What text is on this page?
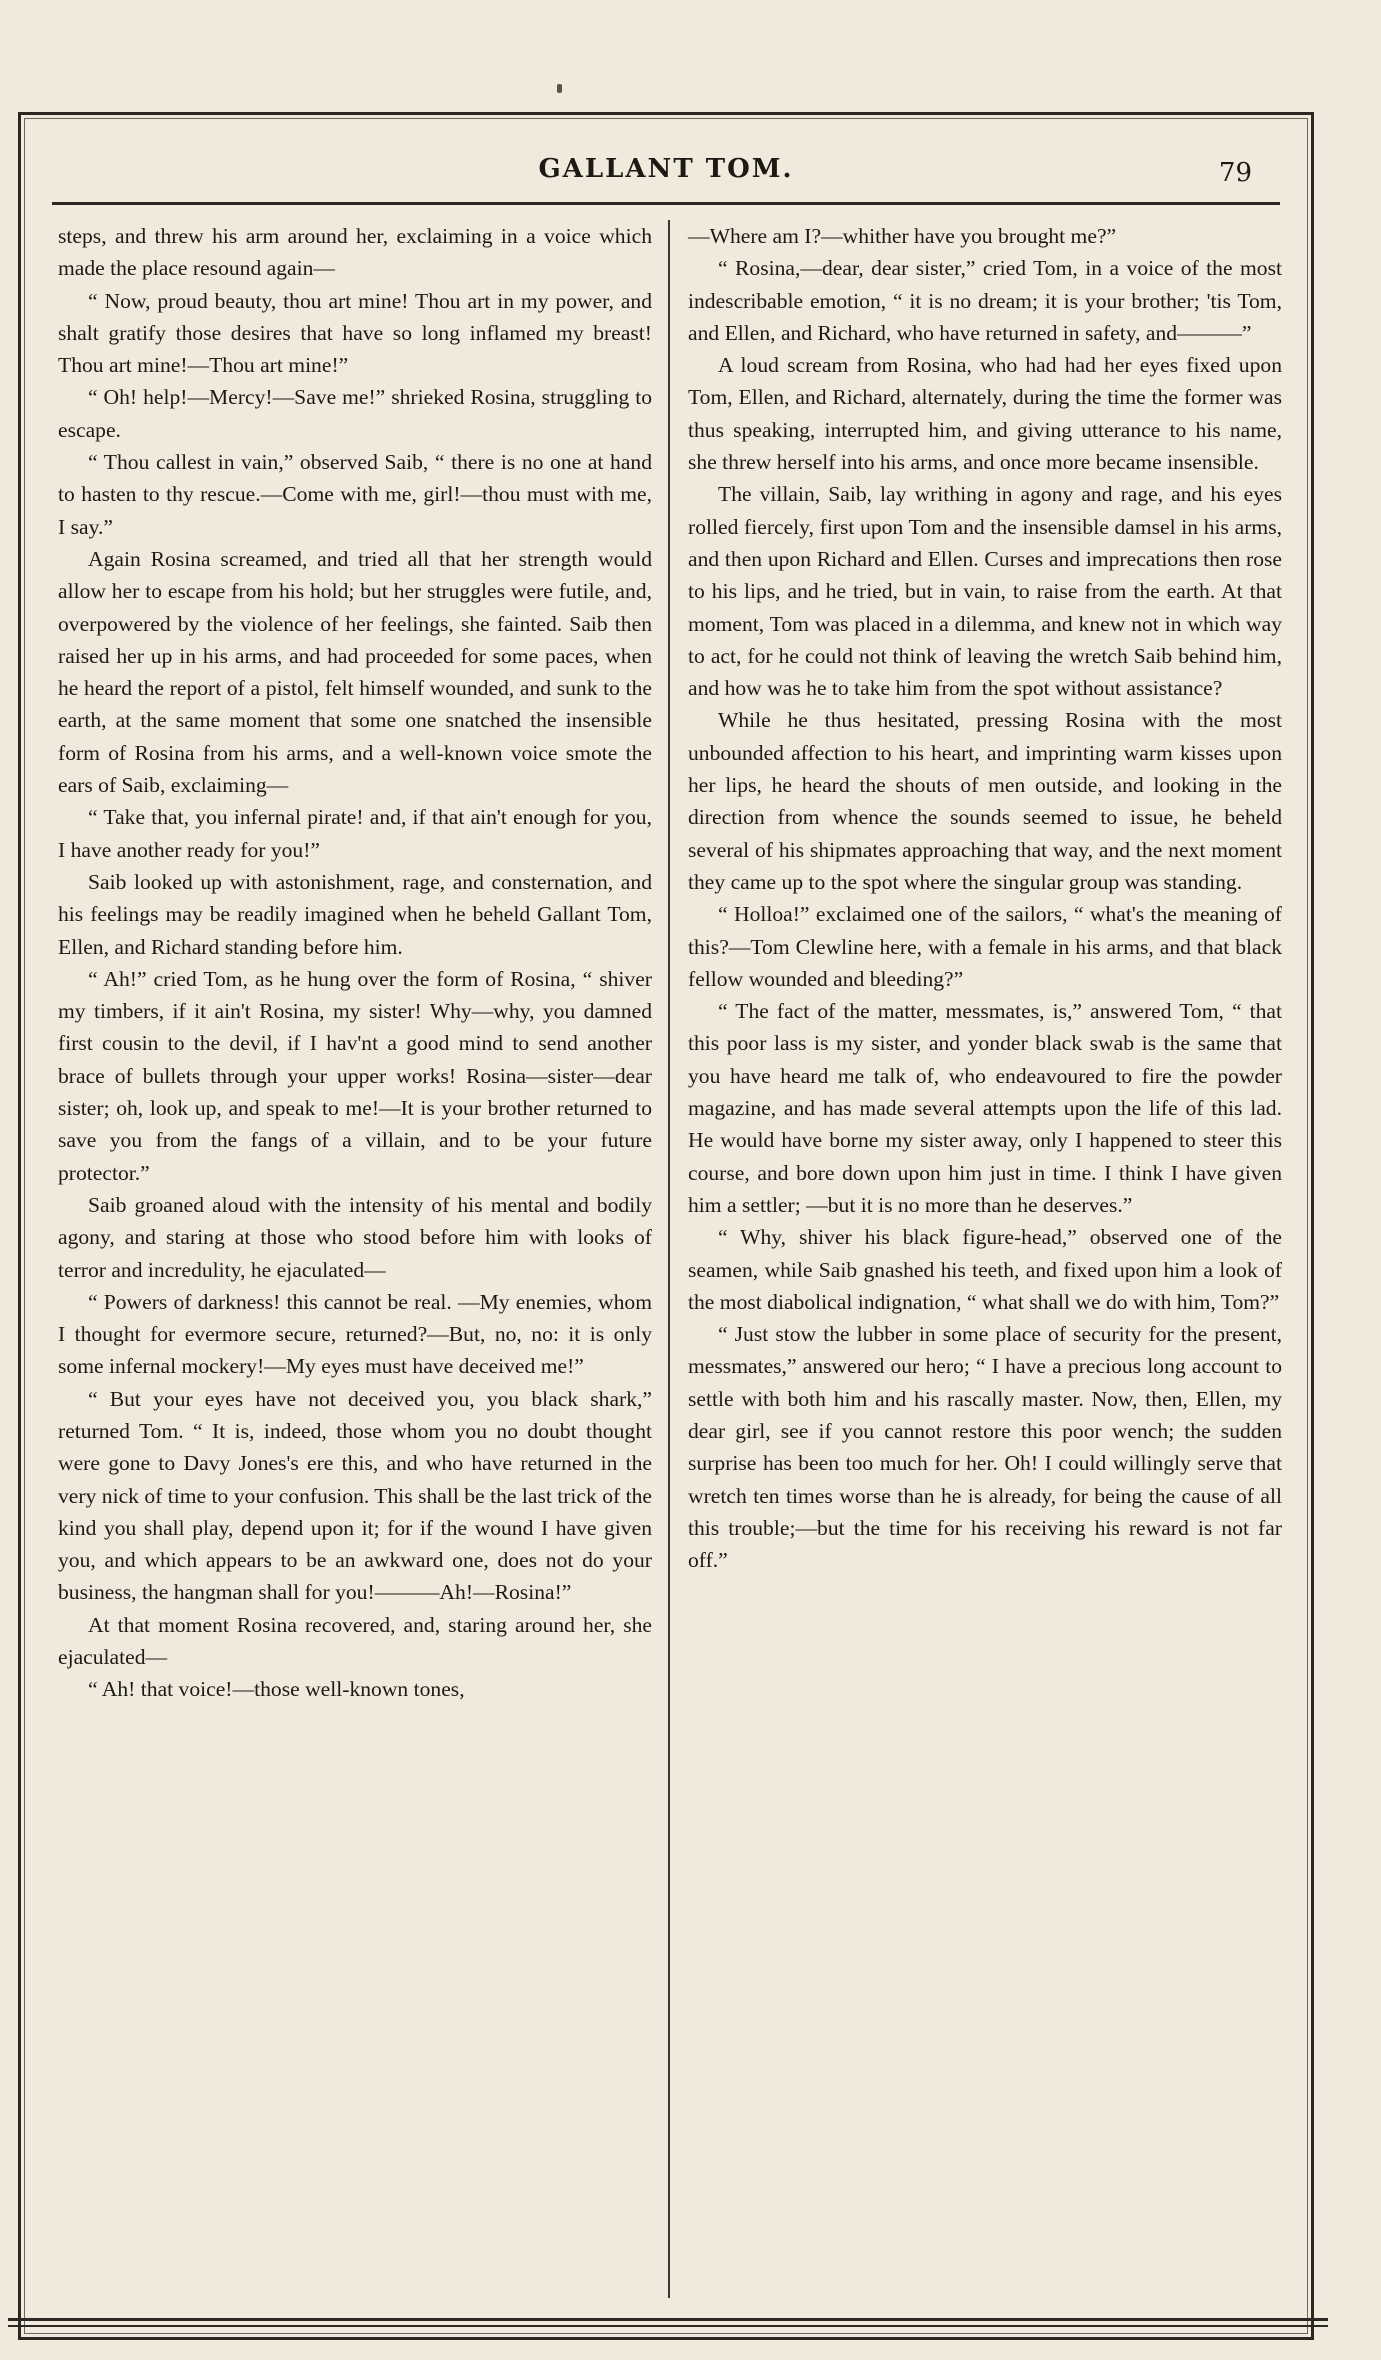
GALLANT TOM.	79

steps, and threw his arm around her, exclaiming in a voice which made the place resound again—

“ Now, proud beauty, thou art mine! Thou art in my power, and shalt gratify those desires that have so long inflamed my breast! Thou art mine!—Thou art mine!”

“ Oh! help!—Mercy!—Save me!” shrieked Rosina, struggling to escape.

“ Thou callest in vain,” observed Saib, “ there is no one at hand to hasten to thy rescue.—Come with me, girl!—thou must with me, I say.”

Again Rosina screamed, and tried all that her strength would allow her to escape from his hold; but her struggles were futile, and, overpowered by the violence of her feelings, she fainted. Saib then raised her up in his arms, and had proceeded for some paces, when he heard the report of a pistol, felt himself wounded, and sunk to the earth, at the same moment that some one snatched the insensible form of Rosina from his arms, and a well-known voice smote the ears of Saib, exclaiming—

“ Take that, you infernal pirate! and, if that ain't enough for you, I have another ready for you!”

Saib looked up with astonishment, rage, and consternation, and his feelings may be readily imagined when he beheld Gallant Tom, Ellen, and Richard standing before him.

“ Ah!” cried Tom, as he hung over the form of Rosina, “ shiver my timbers, if it ain't Rosina, my sister! Why—why, you damned first cousin to the devil, if I hav'nt a good mind to send another brace of bullets through your upper works! Rosina—sister—dear sister; oh, look up, and speak to me!—It is your brother returned to save you from the fangs of a villain, and to be your future protector.”

Saib groaned aloud with the intensity of his mental and bodily agony, and staring at those who stood before him with looks of terror and incredulity, he ejaculated—

“ Powers of darkness! this cannot be real. —My enemies, whom I thought for evermore secure, returned?—But, no, no: it is only some infernal mockery!—My eyes must have deceived me!”

“ But your eyes have not deceived you, you black shark,” returned Tom. “ It is, indeed, those whom you no doubt thought were gone to Davy Jones's ere this, and who have returned in the very nick of time to your confusion. This shall be the last trick of the kind you shall play, depend upon it; for if the wound I have given you, and which appears to be an awkward one, does not do your business, the hangman shall for you!———Ah!—Rosina!”

At that moment Rosina recovered, and, staring around her, she ejaculated—

“ Ah! that voice!—those well-known tones,

—Where am I?—whither have you brought me?”

“ Rosina,—dear, dear sister,” cried Tom, in a voice of the most indescribable emotion, “ it is no dream; it is your brother; 'tis Tom, and Ellen, and Richard, who have returned in safety, and———”

A loud scream from Rosina, who had had her eyes fixed upon Tom, Ellen, and Richard, alternately, during the time the former was thus speaking, interrupted him, and giving utterance to his name, she threw herself into his arms, and once more became insensible.

The villain, Saib, lay writhing in agony and rage, and his eyes rolled fiercely, first upon Tom and the insensible damsel in his arms, and then upon Richard and Ellen. Curses and imprecations then rose to his lips, and he tried, but in vain, to raise from the earth. At that moment, Tom was placed in a dilemma, and knew not in which way to act, for he could not think of leaving the wretch Saib behind him, and how was he to take him from the spot without assistance?

While he thus hesitated, pressing Rosina with the most unbounded affection to his heart, and imprinting warm kisses upon her lips, he heard the shouts of men outside, and looking in the direction from whence the sounds seemed to issue, he beheld several of his shipmates approaching that way, and the next moment they came up to the spot where the singular group was standing.

“ Holloa!” exclaimed one of the sailors, “ what's the meaning of this?—Tom Clewline here, with a female in his arms, and that black fellow wounded and bleeding?”

“ The fact of the matter, messmates, is,” answered Tom, “ that this poor lass is my sister, and yonder black swab is the same that you have heard me talk of, who endeavoured to fire the powder magazine, and has made several attempts upon the life of this lad. He would have borne my sister away, only I happened to steer this course, and bore down upon him just in time. I think I have given him a settler; —but it is no more than he deserves.”

“ Why, shiver his black figure-head,” observed one of the seamen, while Saib gnashed his teeth, and fixed upon him a look of the most diabolical indignation, “ what shall we do with him, Tom?”

“ Just stow the lubber in some place of security for the present, messmates,” answered our hero; “ I have a precious long account to settle with both him and his rascally master. Now, then, Ellen, my dear girl, see if you cannot restore this poor wench; the sudden surprise has been too much for her. Oh! I could willingly serve that wretch ten times worse than he is already, for being the cause of all this trouble;—but the time for his receiving his reward is not far off.”
